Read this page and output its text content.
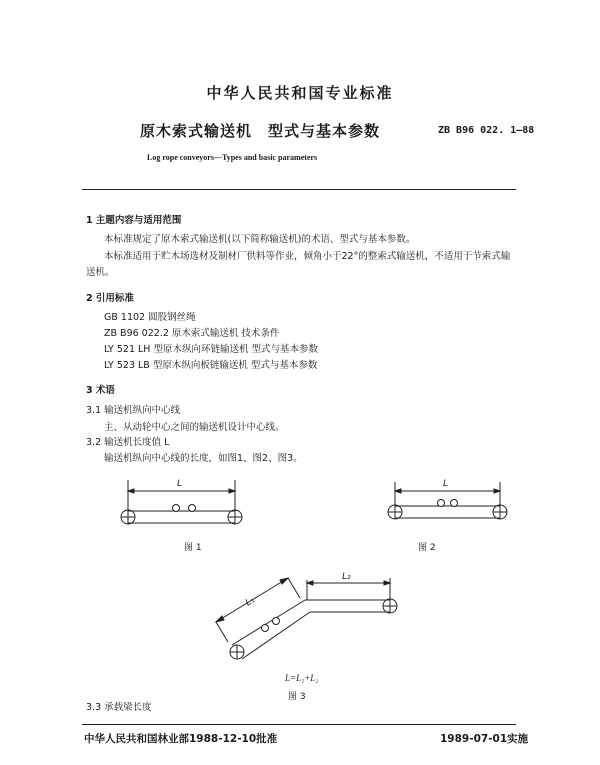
中华人民共和国专业标准
原木索式输送机 型式与基本参数	ZB B96 022. 1—88
Log rope conveyors—Types and basic parameters
1 主题内容与适用范围
本标准规定了原木索式输送机(以下简称输送机)的术语、型式与基本参数。
本标准适用于贮木场选材及制材厂供料等作业，倾角小于22°的整索式输送机，不适用于节索式输
送机。
2 引用标准
GB 1102 圆股钢丝绳
ZB B96 022.2 原木索式输送机 技术条件
LY 521 LH 型原木纵向环链输送机 型式与基本参数
LY 523 LB 型原木纵向板链输送机 型式与基本参数
3 术语
3.1 输送机纵向中心线
主、从动轮中心之间的输送机设计中心线。
3.2 输送机长度值 L
输送机纵向中心线的长度，如图1、图2、图3。
L
图 1
L
图 2
L₁
L₂
L=L₁+L₂
图 3
3.3 承载梁长度
中华人民共和国林业部1988-12-10批准	1989-07-01实施
